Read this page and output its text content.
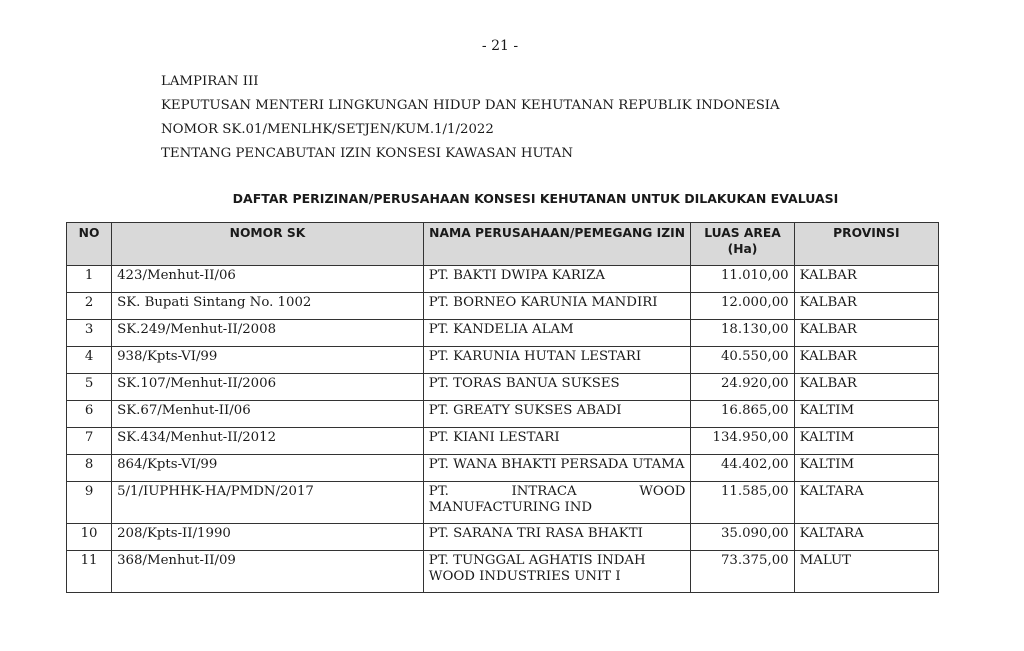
- 21 -
LAMPIRAN III
KEPUTUSAN MENTERI LINGKUNGAN HIDUP DAN KEHUTANAN REPUBLIK INDONESIA
NOMOR SK.01/MENLHK/SETJEN/KUM.1/1/2022
TENTANG PENCABUTAN IZIN KONSESI KAWASAN HUTAN
DAFTAR PERIZINAN/PERUSAHAAN KONSESI KEHUTANAN UNTUK DILAKUKAN EVALUASI
NO	NOMOR SK	NAMA PERUSAHAAN/PEMEGANG IZIN	LUAS AREA (Ha)	PROVINSI
1	423/Menhut-II/06	PT. BAKTI DWIPA KARIZA	11.010,00	KALBAR
2	SK. Bupati Sintang No. 1002	PT. BORNEO KARUNIA MANDIRI	12.000,00	KALBAR
3	SK.249/Menhut-II/2008	PT. KANDELIA ALAM	18.130,00	KALBAR
4	938/Kpts-VI/99	PT. KARUNIA HUTAN LESTARI	40.550,00	KALBAR
5	SK.107/Menhut-II/2006	PT. TORAS BANUA SUKSES	24.920,00	KALBAR
6	SK.67/Menhut-II/06	PT. GREATY SUKSES ABADI	16.865,00	KALTIM
7	SK.434/Menhut-II/2012	PT. KIANI LESTARI	134.950,00	KALTIM
8	864/Kpts-VI/99	PT. WANA BHAKTI PERSADA UTAMA	44.402,00	KALTIM
9	5/1/IUPHHK-HA/PMDN/2017	PT. INTRACA WOOD MANUFACTURING IND	11.585,00	KALTARA
10	208/Kpts-II/1990	PT. SARANA TRI RASA BHAKTI	35.090,00	KALTARA
11	368/Menhut-II/09	PT. TUNGGAL AGHATIS INDAH WOOD INDUSTRIES UNIT I	73.375,00	MALUT
